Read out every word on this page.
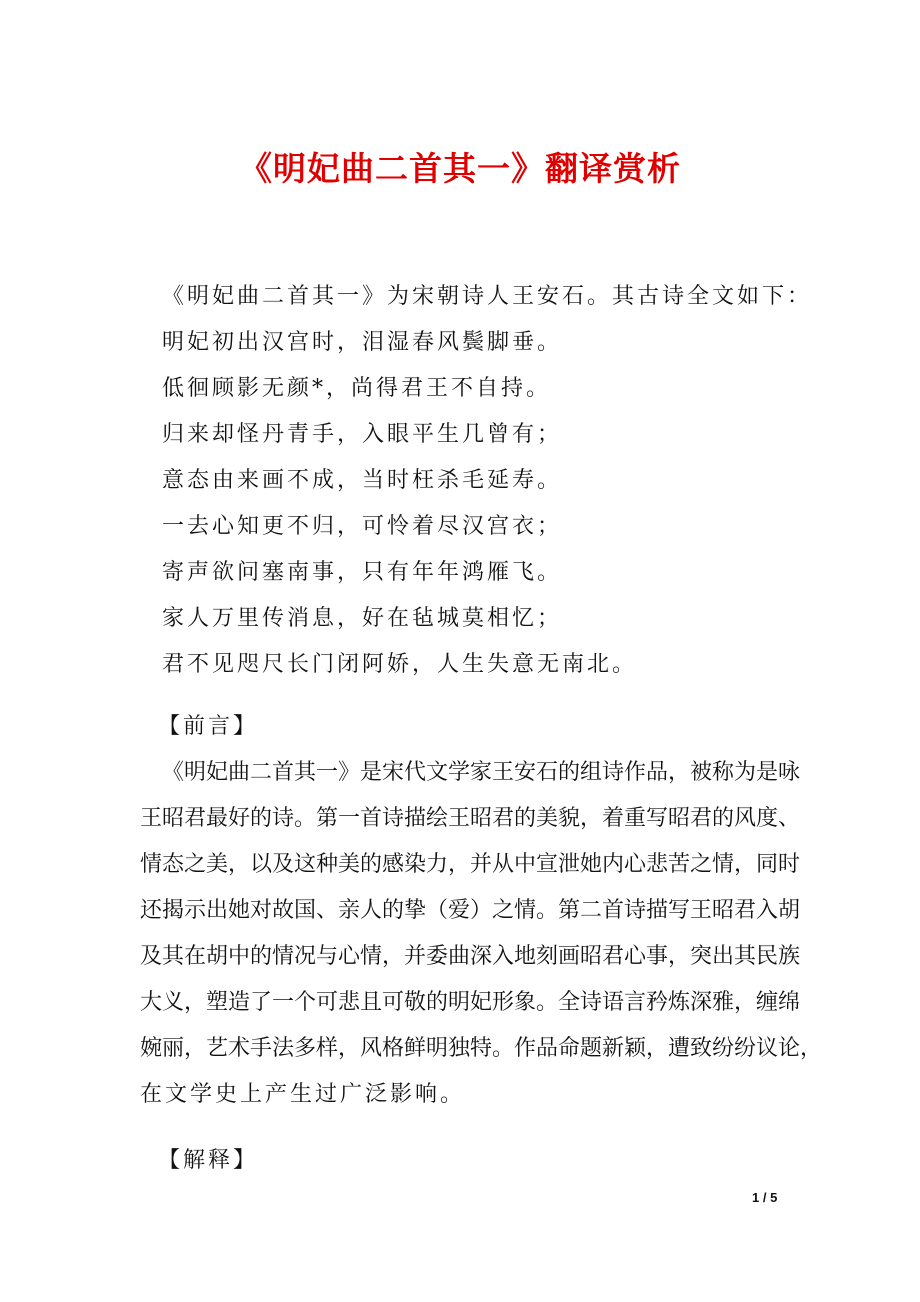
《明妃曲二首其一》翻译赏析
《明妃曲二首其一》为宋朝诗人王安石。其古诗全文如下：
明妃初出汉宫时，泪湿春风鬓脚垂。
低徊顾影无颜*，尚得君王不自持。
归来却怪丹青手，入眼平生几曾有；
意态由来画不成，当时枉杀毛延寿。
一去心知更不归，可怜着尽汉宫衣；
寄声欲问塞南事，只有年年鸿雁飞。
家人万里传消息，好在毡城莫相忆；
君不见咫尺长门闭阿娇，人生失意无南北。
【前言】
《明妃曲二首其一》是宋代文学家王安石的组诗作品，被称为是咏
王昭君最好的诗。第一首诗描绘王昭君的美貌，着重写昭君的风度、
情态之美，以及这种美的感染力，并从中宣泄她内心悲苦之情，同时
还揭示出她对故国、亲人的挚（爱）之情。第二首诗描写王昭君入胡
及其在胡中的情况与心情，并委曲深入地刻画昭君心事，突出其民族
大义，塑造了一个可悲且可敬的明妃形象。全诗语言矜炼深雅，缠绵
婉丽，艺术手法多样，风格鲜明独特。作品命题新颖，遭致纷纷议论，
在文学史上产生过广泛影响。
【解释】
1 / 5
